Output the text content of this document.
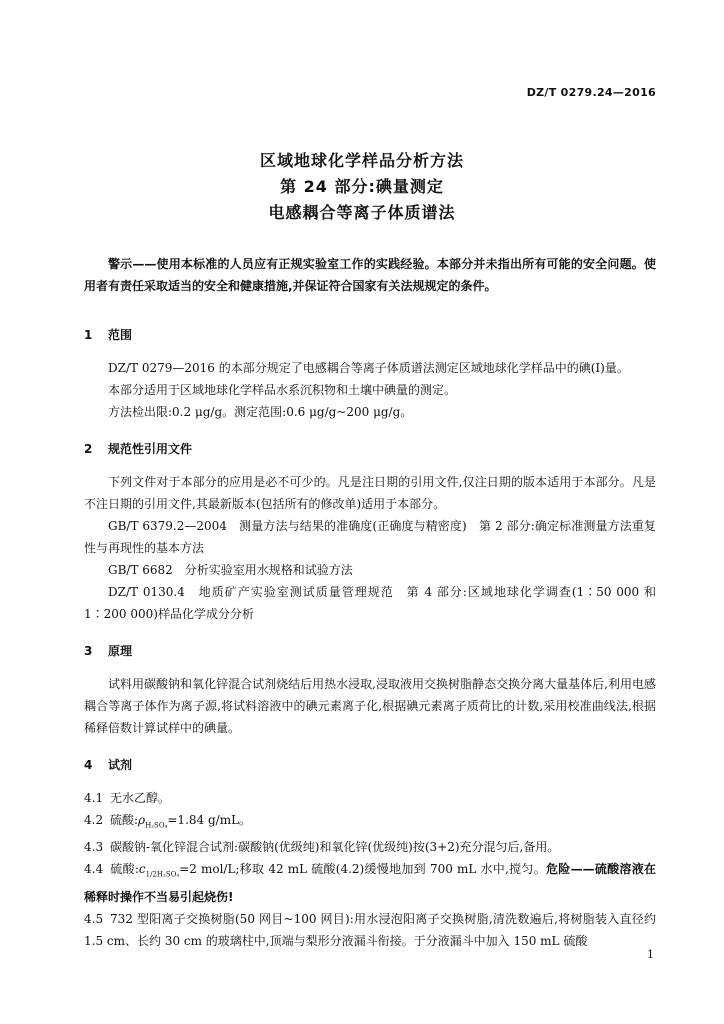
DZ/T 0279.24—2016
区域地球化学样品分析方法
第 24 部分:碘量测定
电感耦合等离子体质谱法
警示——使用本标准的人员应有正规实验室工作的实践经验。本部分并未指出所有可能的安全问题。使用者有责任采取适当的安全和健康措施,并保证符合国家有关法规规定的条件。
1 范围
DZ/T 0279—2016 的本部分规定了电感耦合等离子体质谱法测定区域地球化学样品中的碘(I)量。
本部分适用于区域地球化学样品水系沉积物和土壤中碘量的测定。
方法检出限:0.2 μg/g。测定范围:0.6 μg/g~200 μg/g。
2 规范性引用文件
下列文件对于本部分的应用是必不可少的。凡是注日期的引用文件,仅注日期的版本适用于本部分。凡是不注日期的引用文件,其最新版本(包括所有的修改单)适用于本部分。
GB/T 6379.2—2004　测量方法与结果的准确度(正确度与精密度)　第 2 部分:确定标准测量方法重复性与再现性的基本方法
GB/T 6682　分析实验室用水规格和试验方法
DZ/T 0130.4　地质矿产实验室测试质量管理规范　第 4 部分:区域地球化学调查(1∶50 000 和 1∶200 000)样品化学成分分析
3 原理
试料用碳酸钠和氧化锌混合试剂烧结后用热水浸取,浸取液用交换树脂静态交换分离大量基体后,利用电感耦合等离子体作为离子源,将试料溶液中的碘元素离子化,根据碘元素离子质荷比的计数,采用校准曲线法,根据稀释倍数计算试样中的碘量。
4 试剂
4.1 无水乙醇。
4.2 硫酸$:\rho_{H_2SO_4}=1.84$ g/mL。
4.3 碳酸钠-氧化锌混合试剂:碳酸钠(优级纯)和氧化锌(优级纯)按(3+2)充分混匀后,备用。
4.4 硫酸$:c_{1/2H_2SO_4}=2$ mol/L;移取 42 mL 硫酸(4.2)缓慢地加到 700 mL 水中,搅匀。危险——硫酸溶液在稀释时操作不当易引起烧伤!
4.5 732 型阳离子交换树脂(50 网目~100 网目):用水浸泡阳离子交换树脂,清洗数遍后,将树脂装入直径约 1.5 cm、长约 30 cm 的玻璃柱中,顶端与梨形分液漏斗衔接。于分液漏斗中加入 150 mL 硫酸
1
